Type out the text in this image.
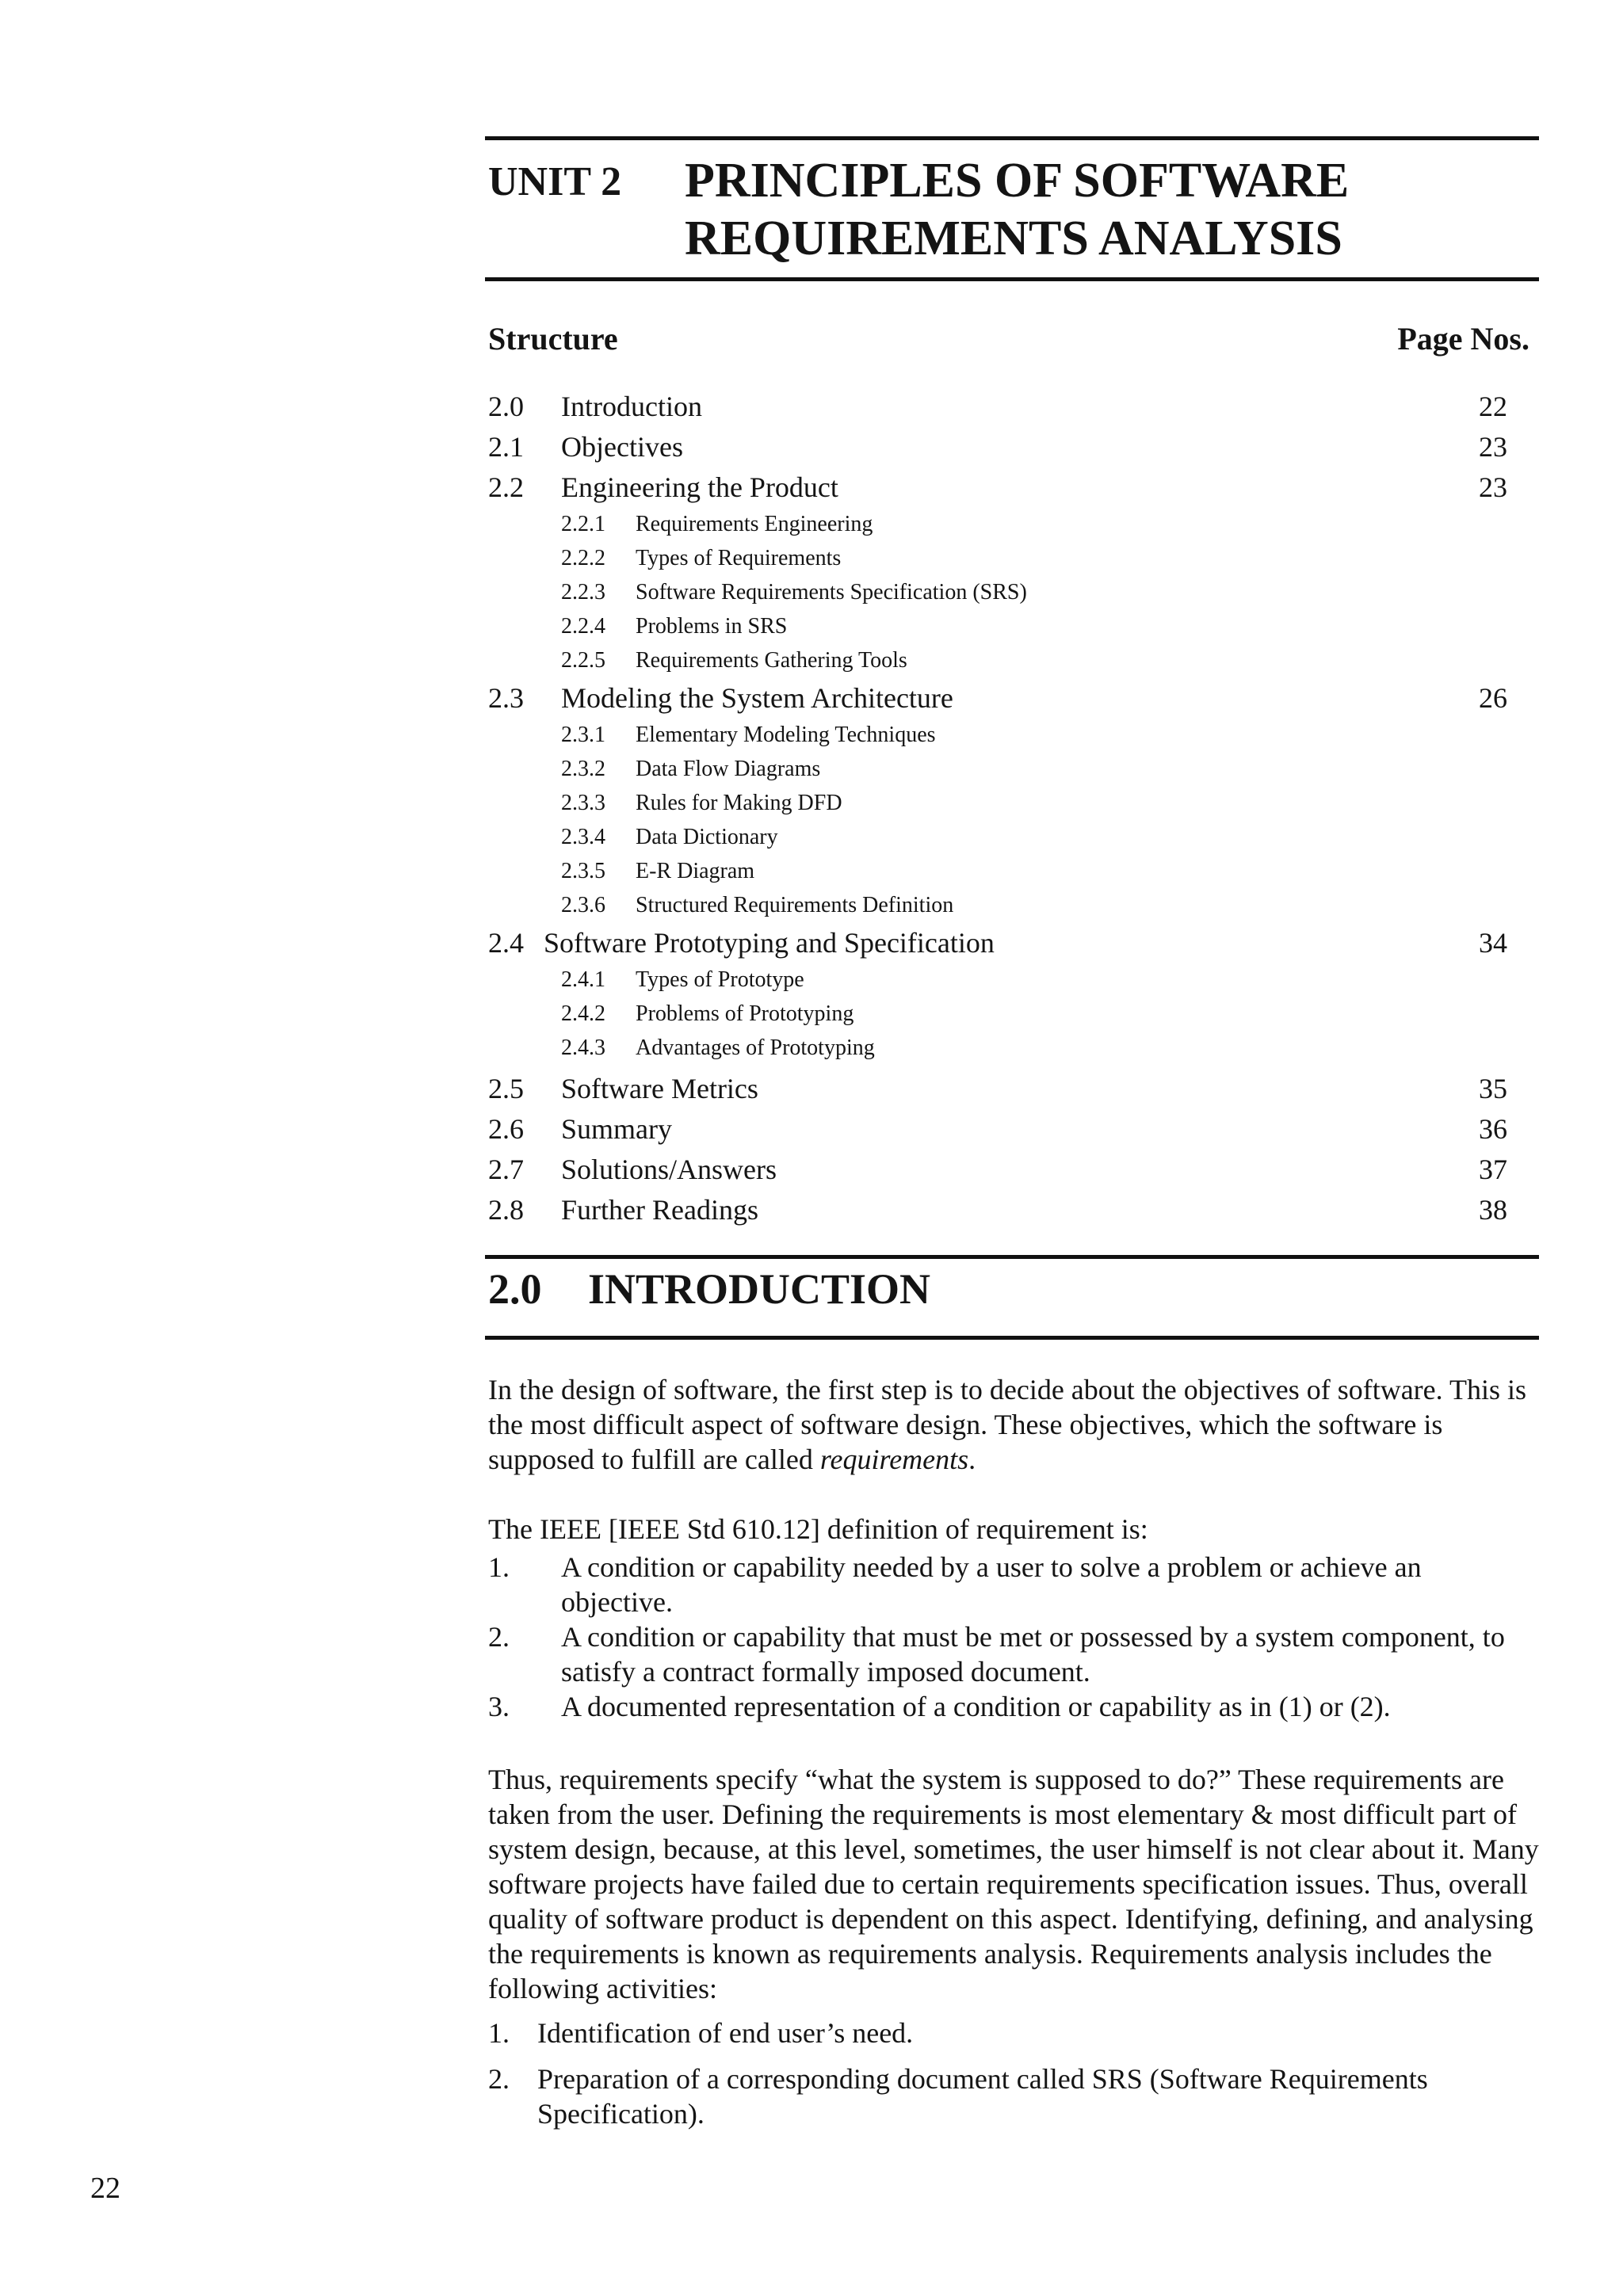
UNIT 2 PRINCIPLES OF SOFTWARE
REQUIREMENTS ANALYSIS
Structure	Page Nos.
2.0 Introduction	22
2.1 Objectives	23
2.2 Engineering the Product	23
2.2.1 Requirements Engineering
2.2.2 Types of Requirements
2.2.3 Software Requirements Specification (SRS)
2.2.4 Problems in SRS
2.2.5 Requirements Gathering Tools
2.3 Modeling the System Architecture	26
2.3.1 Elementary Modeling Techniques
2.3.2 Data Flow Diagrams
2.3.3 Rules for Making DFD
2.3.4 Data Dictionary
2.3.5 E-R Diagram
2.3.6 Structured Requirements Definition
2.4 Software Prototyping and Specification	34
2.4.1 Types of Prototype
2.4.2 Problems of Prototyping
2.4.3 Advantages of Prototyping
2.5 Software Metrics	35
2.6 Summary	36
2.7 Solutions/Answers	37
2.8 Further Readings	38
2.0 INTRODUCTION
In the design of software, the first step is to decide about the objectives of software. This is the most difficult aspect of software design. These objectives, which the software is supposed to fulfill are called requirements.
The IEEE [IEEE Std 610.12] definition of requirement is:
1. A condition or capability needed by a user to solve a problem or achieve an objective.
2. A condition or capability that must be met or possessed by a system component, to satisfy a contract formally imposed document.
3. A documented representation of a condition or capability as in (1) or (2).
Thus, requirements specify “what the system is supposed to do?” These requirements are taken from the user. Defining the requirements is most elementary & most difficult part of system design, because, at this level, sometimes, the user himself is not clear about it. Many software projects have failed due to certain requirements specification issues. Thus, overall quality of software product is dependent on this aspect. Identifying, defining, and analysing the requirements is known as requirements analysis. Requirements analysis includes the following activities:
1. Identification of end user’s need.
2. Preparation of a corresponding document called SRS (Software Requirements Specification).
22
